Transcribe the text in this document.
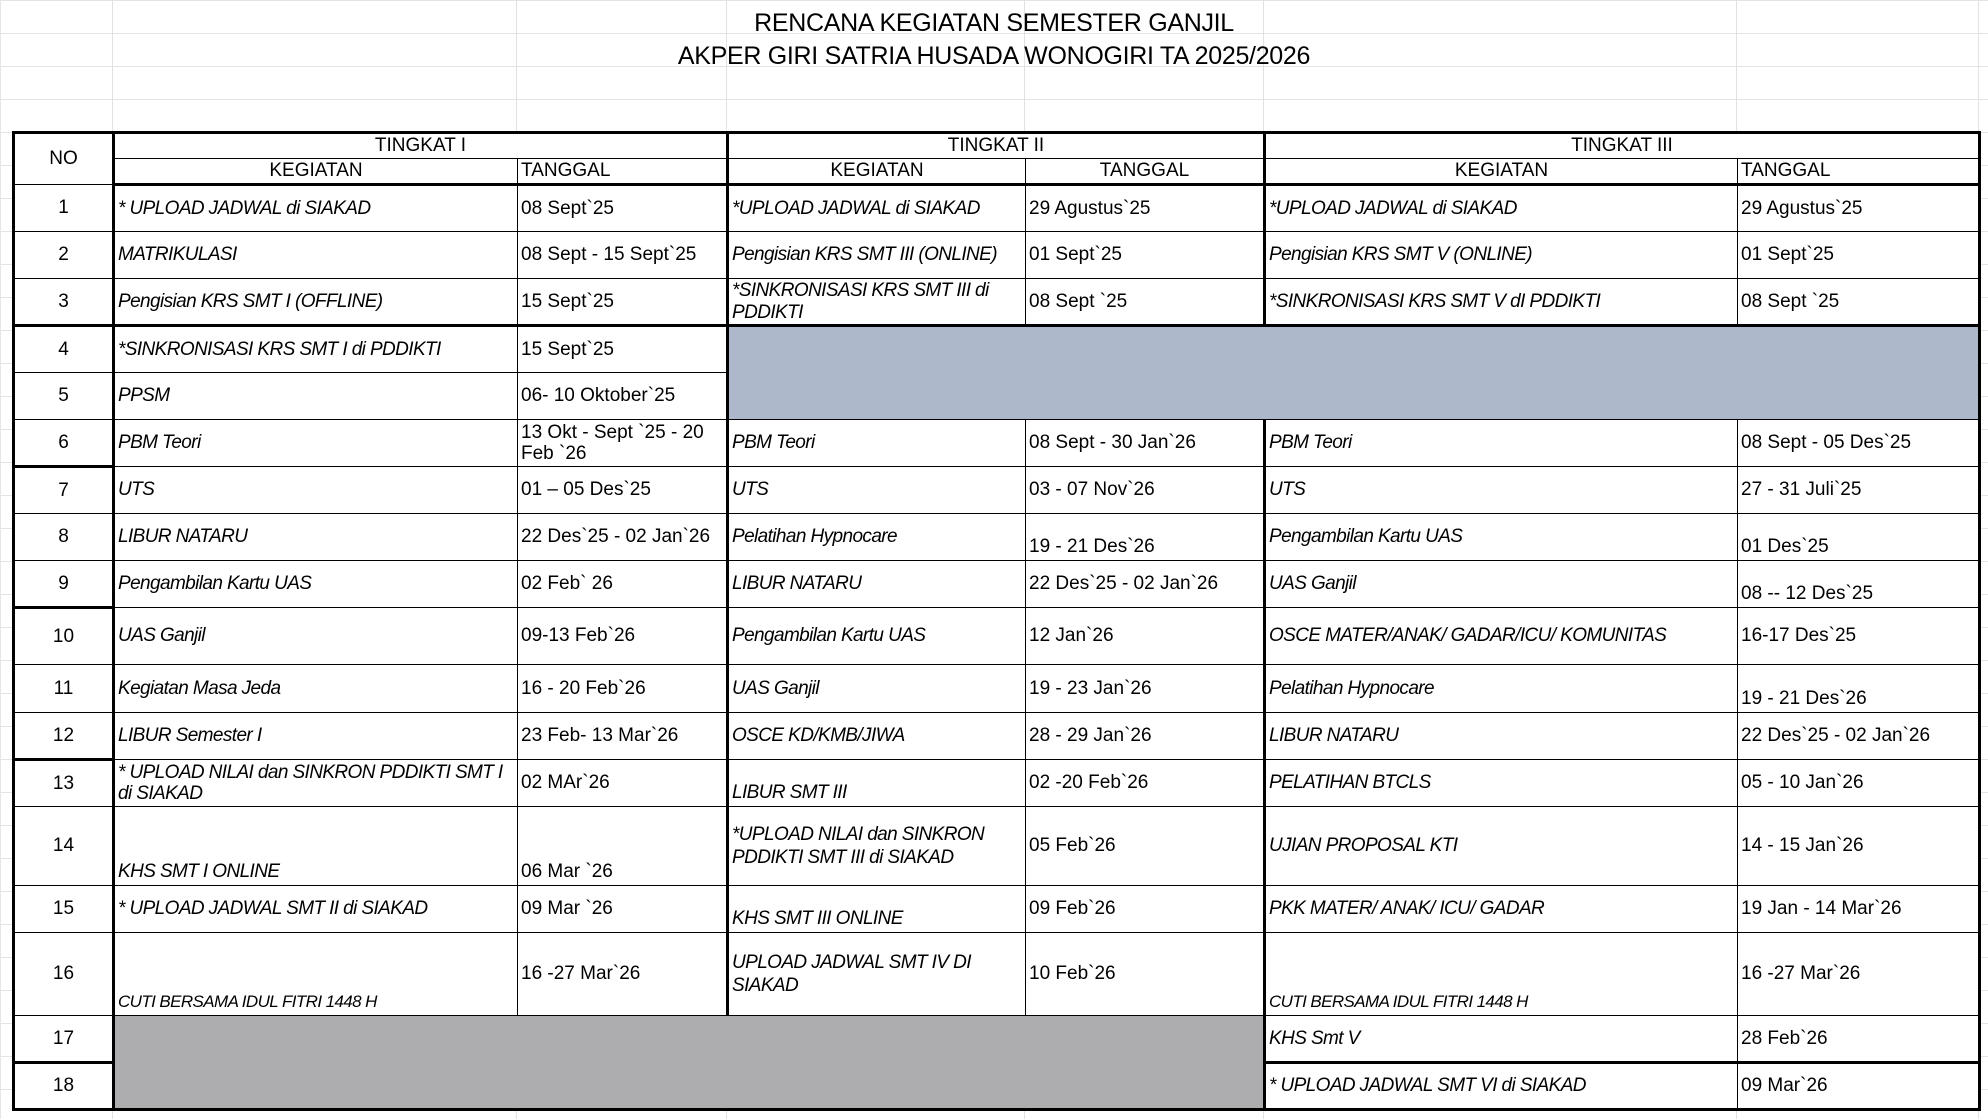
RENCANA KEGIATAN SEMESTER GANJIL
AKPER GIRI SATRIA HUSADA WONOGIRI TA 2025/2026
NO	TINGKAT I		TINGKAT II		TINGKAT III	
	KEGIATAN	TANGGAL	KEGIATAN	TANGGAL	KEGIATAN	TANGGAL
1	* UPLOAD JADWAL di SIAKAD	08 Sept`25	*UPLOAD JADWAL di SIAKAD	29 Agustus`25	*UPLOAD JADWAL di SIAKAD	29 Agustus`25
2	MATRIKULASI	08 Sept - 15 Sept`25	Pengisian KRS SMT III (ONLINE)	01 Sept`25	Pengisian KRS SMT V (ONLINE)	01 Sept`25
3	Pengisian KRS SMT I (OFFLINE)	15 Sept`25	*SINKRONISASI KRS SMT III di PDDIKTI	08 Sept `25	*SINKRONISASI KRS SMT V dI PDDIKTI	08 Sept `25
4	*SINKRONISASI KRS SMT I di PDDIKTI	15 Sept`25				
5	PPSM	06- 10 Oktober`25				
6	PBM Teori	13 Okt - Sept `25 - 20 Feb `26	PBM Teori	08 Sept - 30 Jan`26	PBM Teori	08 Sept - 05 Des`25
7	UTS	01 – 05 Des`25	UTS	03 - 07 Nov`26	UTS	27 - 31 Juli`25
8	LIBUR NATARU	22 Des`25 - 02 Jan`26	Pelatihan Hypnocare	19 - 21 Des`26	Pengambilan Kartu UAS	01 Des`25
9	Pengambilan Kartu UAS	02 Feb` 26	LIBUR NATARU	22 Des`25 - 02 Jan`26	UAS Ganjil	08 -- 12 Des`25
10	UAS Ganjil	09-13 Feb`26	Pengambilan Kartu UAS	12 Jan`26	OSCE MATER/ANAK/ GADAR/ICU/ KOMUNITAS	16-17 Des`25
11	Kegiatan Masa Jeda	16 - 20 Feb`26	UAS Ganjil	19 - 23 Jan`26	Pelatihan Hypnocare	19 - 21 Des`26
12	LIBUR Semester I	23 Feb- 13 Mar`26	OSCE KD/KMB/JIWA	28 - 29 Jan`26	LIBUR NATARU	22 Des`25 - 02 Jan`26
13	* UPLOAD NILAI dan SINKRON PDDIKTI SMT I di SIAKAD	02 MAr`26	LIBUR SMT III	02 -20 Feb`26	PELATIHAN BTCLS	05 - 10 Jan`26
14	KHS SMT I ONLINE	06 Mar `26	*UPLOAD NILAI dan SINKRON PDDIKTI SMT III di SIAKAD	05 Feb`26	UJIAN PROPOSAL KTI	14 - 15 Jan`26
15	* UPLOAD JADWAL SMT II di SIAKAD	09 Mar `26	KHS SMT III ONLINE	09 Feb`26	PKK MATER/ ANAK/ ICU/ GADAR	19 Jan - 14 Mar`26
16	CUTI BERSAMA IDUL FITRI 1448 H	16 -27 Mar`26	UPLOAD JADWAL SMT IV DI SIAKAD	10 Feb`26	CUTI BERSAMA IDUL FITRI 1448 H	16 -27 Mar`26
17					KHS Smt V	28 Feb`26
18					* UPLOAD JADWAL SMT VI di SIAKAD	09 Mar`26
